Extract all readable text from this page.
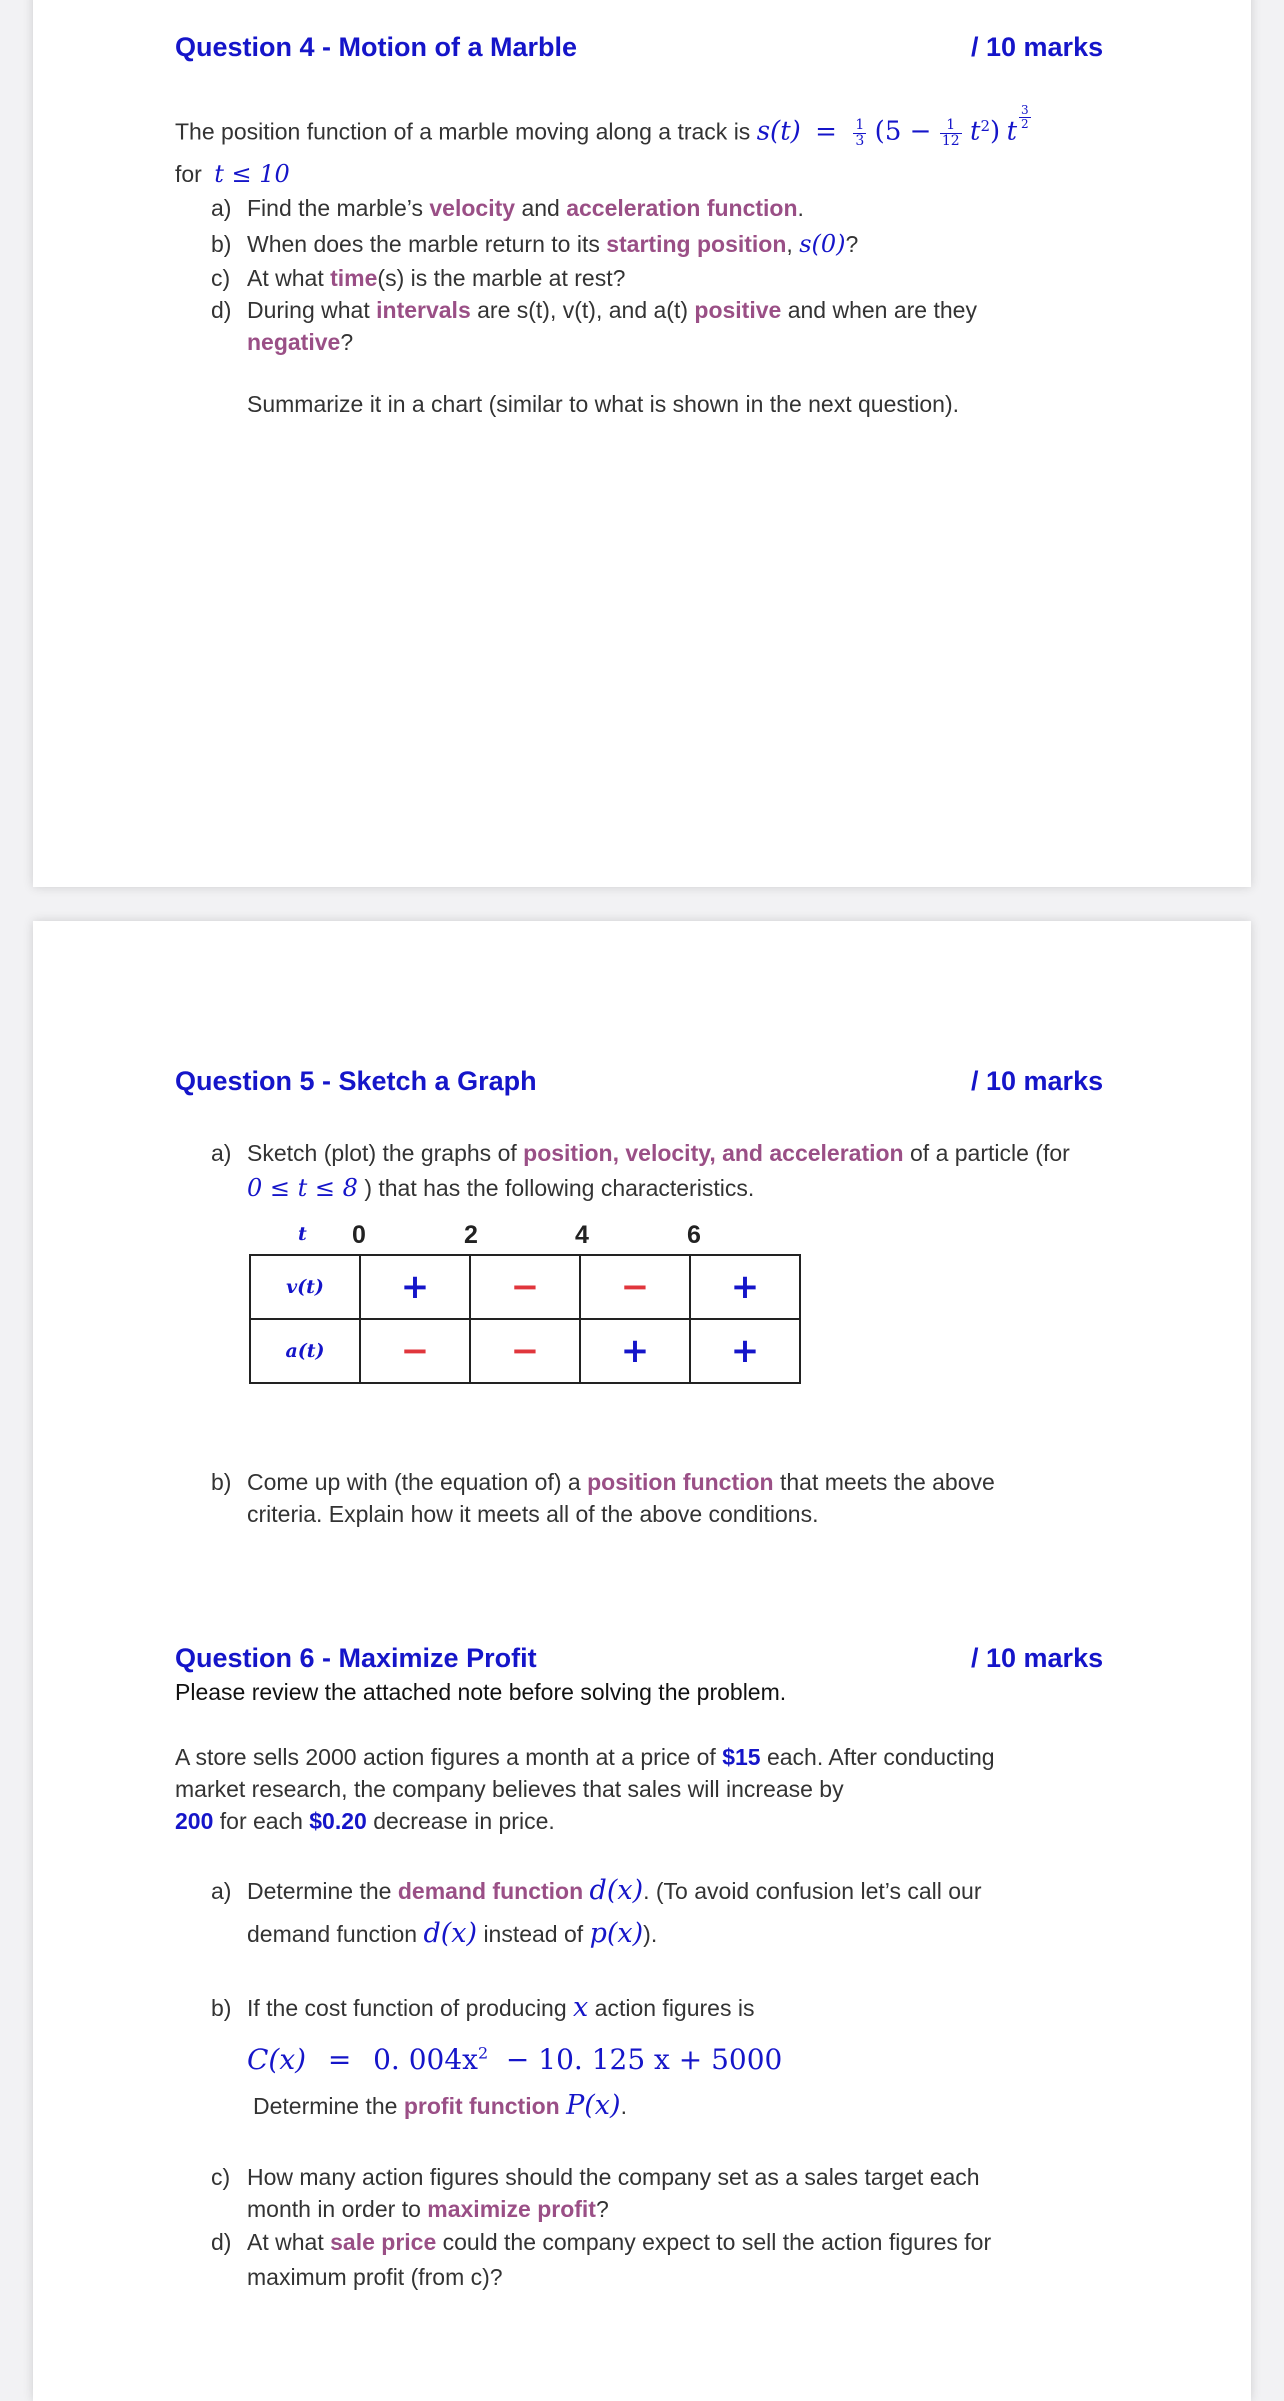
Question 4 - Motion of a Marble	/ 10 marks
The position function of a marble moving along a track is $s(t) = \frac{1}{3} (5 - \frac{1}{12} t^2)$ t $\frac{3}{2}$
for t ≤ 10
a) Find the marble’s velocity and acceleration function.
b) When does the marble return to its starting position, s(0)?
c) At what time(s) is the marble at rest?
d) During what intervals are s(t), v(t), and a(t) positive and when are they
negative?
Summarize it in a chart (similar to what is shown in the next question).
Question 5 - Sketch a Graph	/ 10 marks
a) Sketch (plot) the graphs of position, velocity, and acceleration of a particle (for
0 ≤ t ≤ 8 ) that has the following characteristics.
t 0	2	4	6
v(t)	+	−	−	+
a(t)	−	−	+	+
b) Come up with (the equation of) a position function that meets the above
criteria. Explain how it meets all of the above conditions.
Question 6 - Maximize Profit	/ 10 marks
Please review the attached note before solving the problem.
A store sells 2000 action figures a month at a price of $15 each. After conducting
market research, the company believes that sales will increase by
200 for each $0.20 decrease in price.
a) Determine the demand function d(x). (To avoid confusion let’s call our
demand function d(x) instead of p(x)).
b) If the cost function of producing x action figures is
C(x) = 0. $004x^2 - 10$. 125 x + 5000
Determine the profit function P(x).
c) How many action figures should the company set as a sales target each
month in order to maximize profit?
d) At what sale price could the company expect to sell the action figures for
maximum profit (from c)?
